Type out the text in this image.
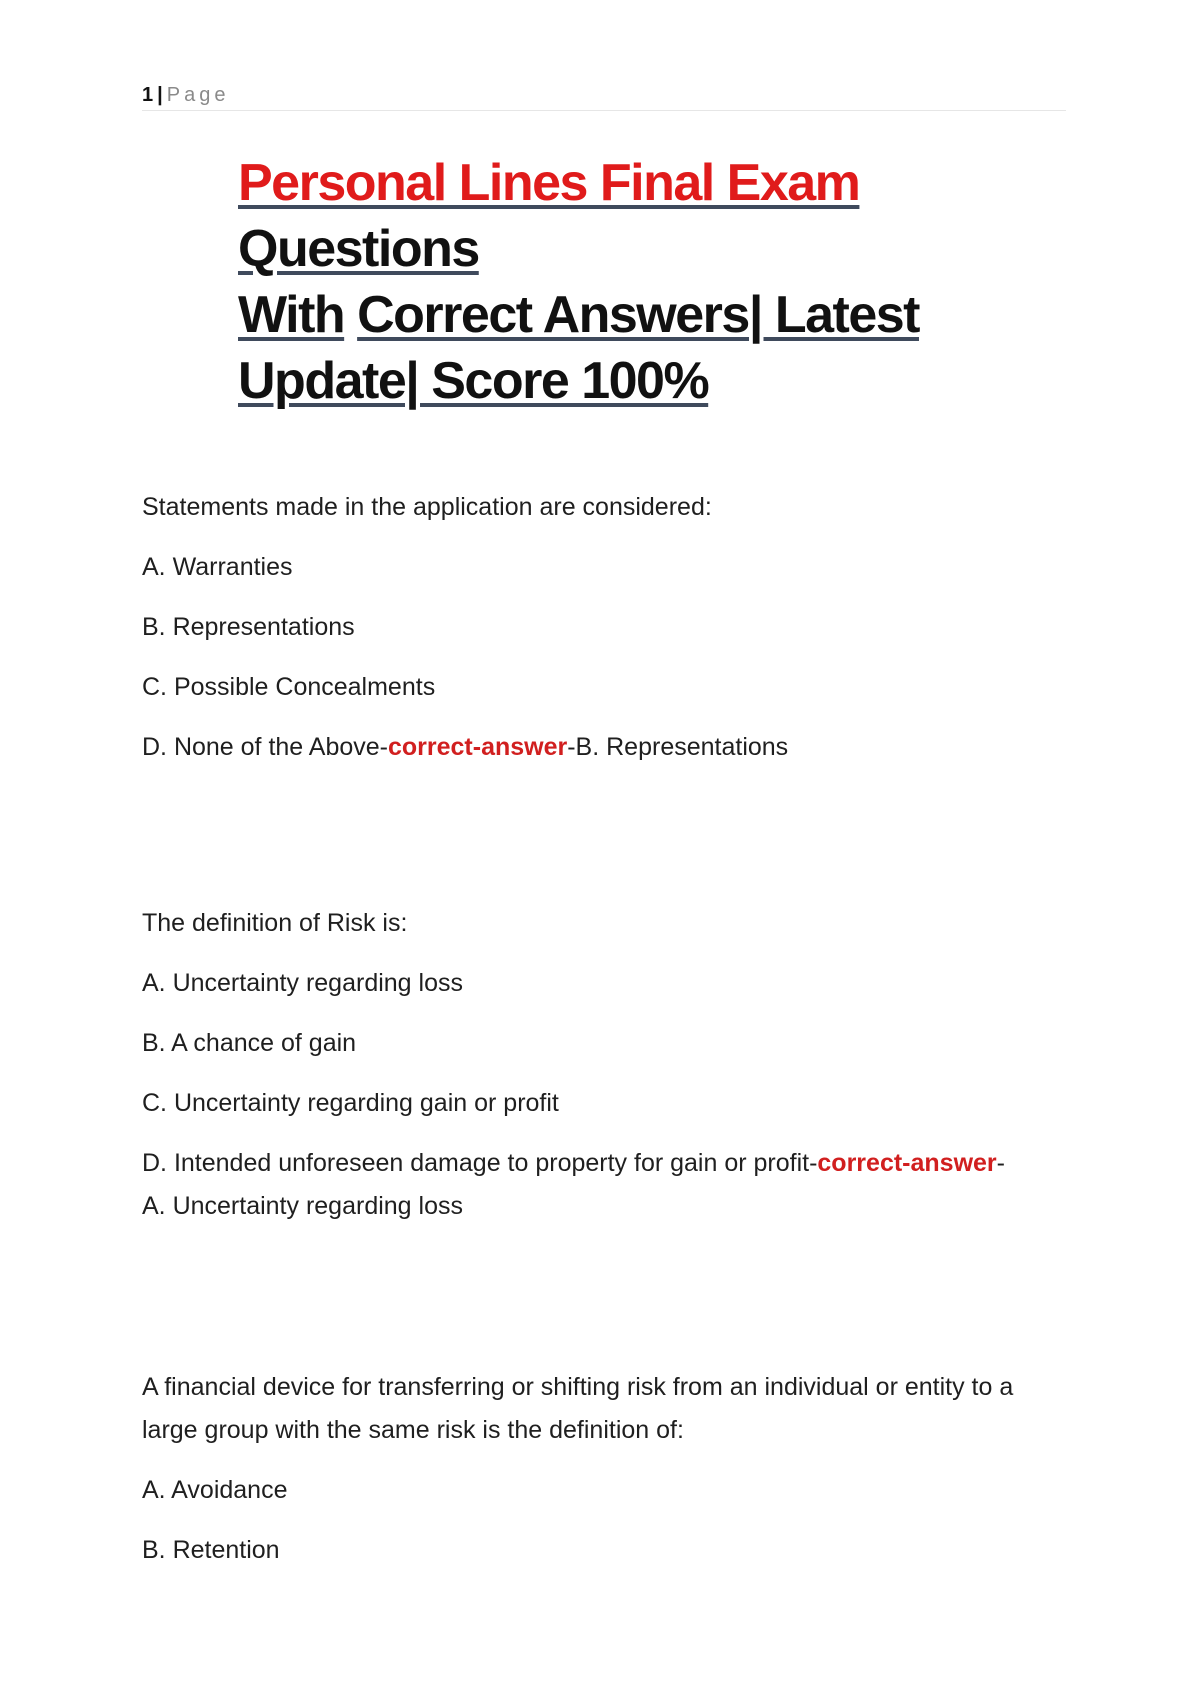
1 | Page
Personal Lines Final Exam Questions
With Correct Answers| Latest
Update| Score 100%

Statements made in the application are considered:

A. Warranties

B. Representations

C. Possible Concealments

D. None of the Above-correct-answer-B. Representations

The definition of Risk is:

A. Uncertainty regarding loss

B. A chance of gain

C. Uncertainty regarding gain or profit

D. Intended unforeseen damage to property for gain or profit-correct-answer-

A. Uncertainty regarding loss

A financial device for transferring or shifting risk from an individual or entity to a large group with the same risk is the definition of:

A. Avoidance

B. Retention
